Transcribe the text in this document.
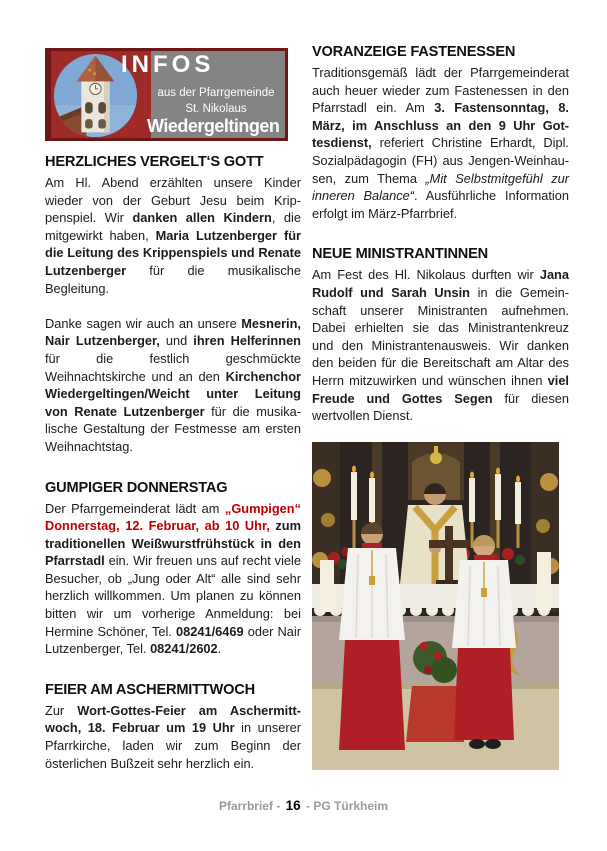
INFOS
aus der Pfarrgemeinde
St. Nikolaus
Wiedergeltingen
HERZLICHES VERGELT‘S GOTT

Am Hl. Abend erzählten unsere Kinder wieder von der Geburt Jesu beim Krippenspiel. Wir danken allen Kindern, die mitgewirkt haben, Maria Lutzenberger für die Leitung des Krippenspiels und Renate Lutzenberger für die musikalische Begleitung.

Danke sagen wir auch an unsere Mesnerin, Nair Lutzenberger, und ihren Helferinnen für die festlich geschmückte Weihnachtskirche und an den Kirchenchor Wiedergeltingen/Weicht unter Leitung von Renate Lutzenberger für die musikalische Gestaltung der Festmesse am ersten Weihnachtstag.

GUMPIGER DONNERSTAG

Der Pfarrgemeinderat lädt am „Gumpigen“ Donnerstag, 12. Februar, ab 10 Uhr, zum traditionellen Weißwurstfrühstück in den Pfarrstadl ein. Wir freuen uns auf recht viele Besucher, ob „Jung oder Alt“ alle sind sehr herzlich willkommen. Um planen zu können bitten wir um vorherige Anmeldung: bei Hermine Schöner, Tel. 08241/6469 oder Nair Lutzenberger, Tel. 08241/2602.

FEIER AM ASCHERMITTWOCH

Zur Wort-Gottes-Feier am Aschermittwoch, 18. Februar um 19 Uhr in unserer Pfarrkirche, laden wir zum Beginn der österlichen Bußzeit sehr herzlich ein.

VORANZEIGE FASTENESSEN

Traditionsgemäß lädt der Pfarrgemeinderat auch heuer wieder zum Fastenessen in den Pfarrstadl ein. Am 3. Fastensonntag, 8. März, im Anschluss an den 9 Uhr Gottesdienst, referiert Christine Erhardt, Dipl. Sozialpädagogin (FH) aus Jengen-Weinhausen, zum Thema „Mit Selbstmitgefühl zur inneren Balance“. Ausführliche Information erfolgt im März-Pfarrbrief.

NEUE MINISTRANTINNEN

Am Fest des Hl. Nikolaus durften wir Jana Rudolf und Sarah Unsin in die Gemeinschaft unserer Ministranten aufnehmen. Dabei erhielten sie das Ministrantenkreuz und den Ministrantenausweis. Wir danken den beiden für die Bereitschaft am Altar des Herrn mitzuwirken und wünschen ihnen viel Freude und Gottes Segen für diesen wertvollen Dienst.

Pfarrbrief - 16 - PG Türkheim
